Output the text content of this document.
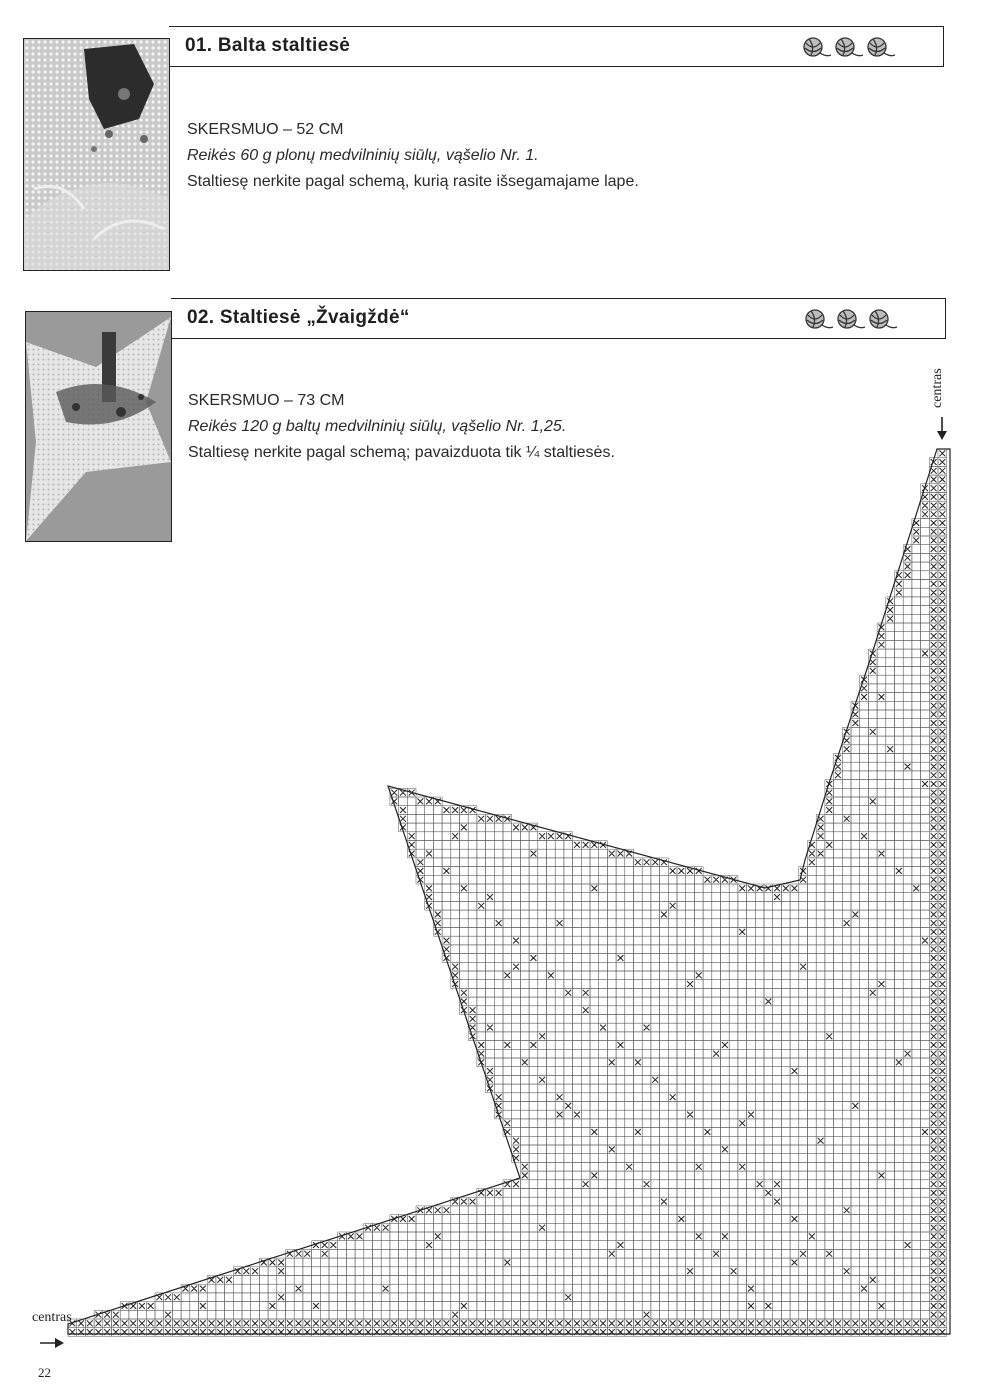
01. Balta staltiesė
SKERSMUO – 52 CM
Reikės 60 g plonų medvilninių siūlų, vąšelio Nr. 1.
Staltiesę nerkite pagal schemą, kurią rasite išsegamajame lape.
02. Staltiesė „Žvaigždė“
SKERSMUO – 73 CM
Reikės 120 g baltų medvilninių siūlų, vąšelio Nr. 1,25.
Staltiesę nerkite pagal schemą; pavaizduota tik ¼ staltiesės.
centras
centras
22
